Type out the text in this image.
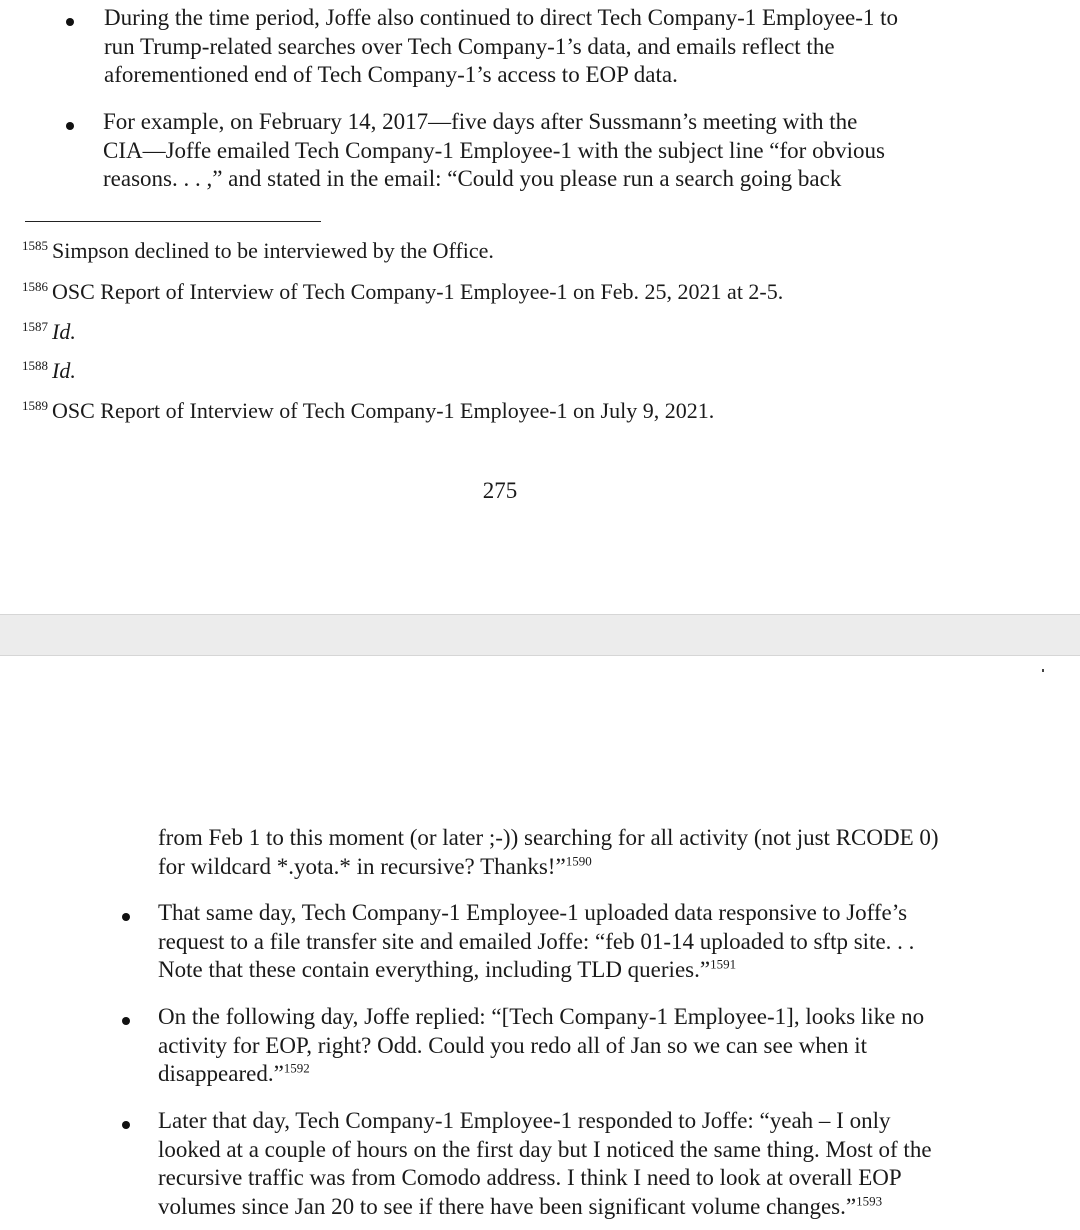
During the time period, Joffe also continued to direct Tech Company-1 Employee-1 to
run Trump-related searches over Tech Company-1’s data, and emails reflect the
aforementioned end of Tech Company-1’s access to EOP data.
For example, on February 14, 2017—five days after Sussmann’s meeting with the
CIA—Joffe emailed Tech Company-1 Employee-1 with the subject line “for obvious
reasons. . . ,” and stated in the email: “Could you please run a search going back
$^{1585}$ Simpson declined to be interviewed by the Office.
$^{1586}$ OSC Report of Interview of Tech Company-1 Employee-1 on Feb. 25, 2021 at 2-5.
$^{1587}$ Id.
$^{1588}$ Id.
$^{1589}$ OSC Report of Interview of Tech Company-1 Employee-1 on July 9, 2021.
275
from Feb 1 to this moment (or later ;-)) searching for all activity (not just RCODE 0)
for wildcard *.yota.* in recursive? Thanks!”$^{1590}$
That same day, Tech Company-1 Employee-1 uploaded data responsive to Joffe’s
request to a file transfer site and emailed Joffe: “feb 01-14 uploaded to sftp site. . .
Note that these contain everything, including TLD queries.”$^{1591}$
On the following day, Joffe replied: “[Tech Company-1 Employee-1], looks like no
activity for EOP, right? Odd. Could you redo all of Jan so we can see when it
disappeared.”$^{1592}$
Later that day, Tech Company-1 Employee-1 responded to Joffe: “yeah – I only
looked at a couple of hours on the first day but I noticed the same thing. Most of the
recursive traffic was from Comodo address. I think I need to look at overall EOP
volumes since Jan 20 to see if there have been significant volume changes.”$^{1593}$
